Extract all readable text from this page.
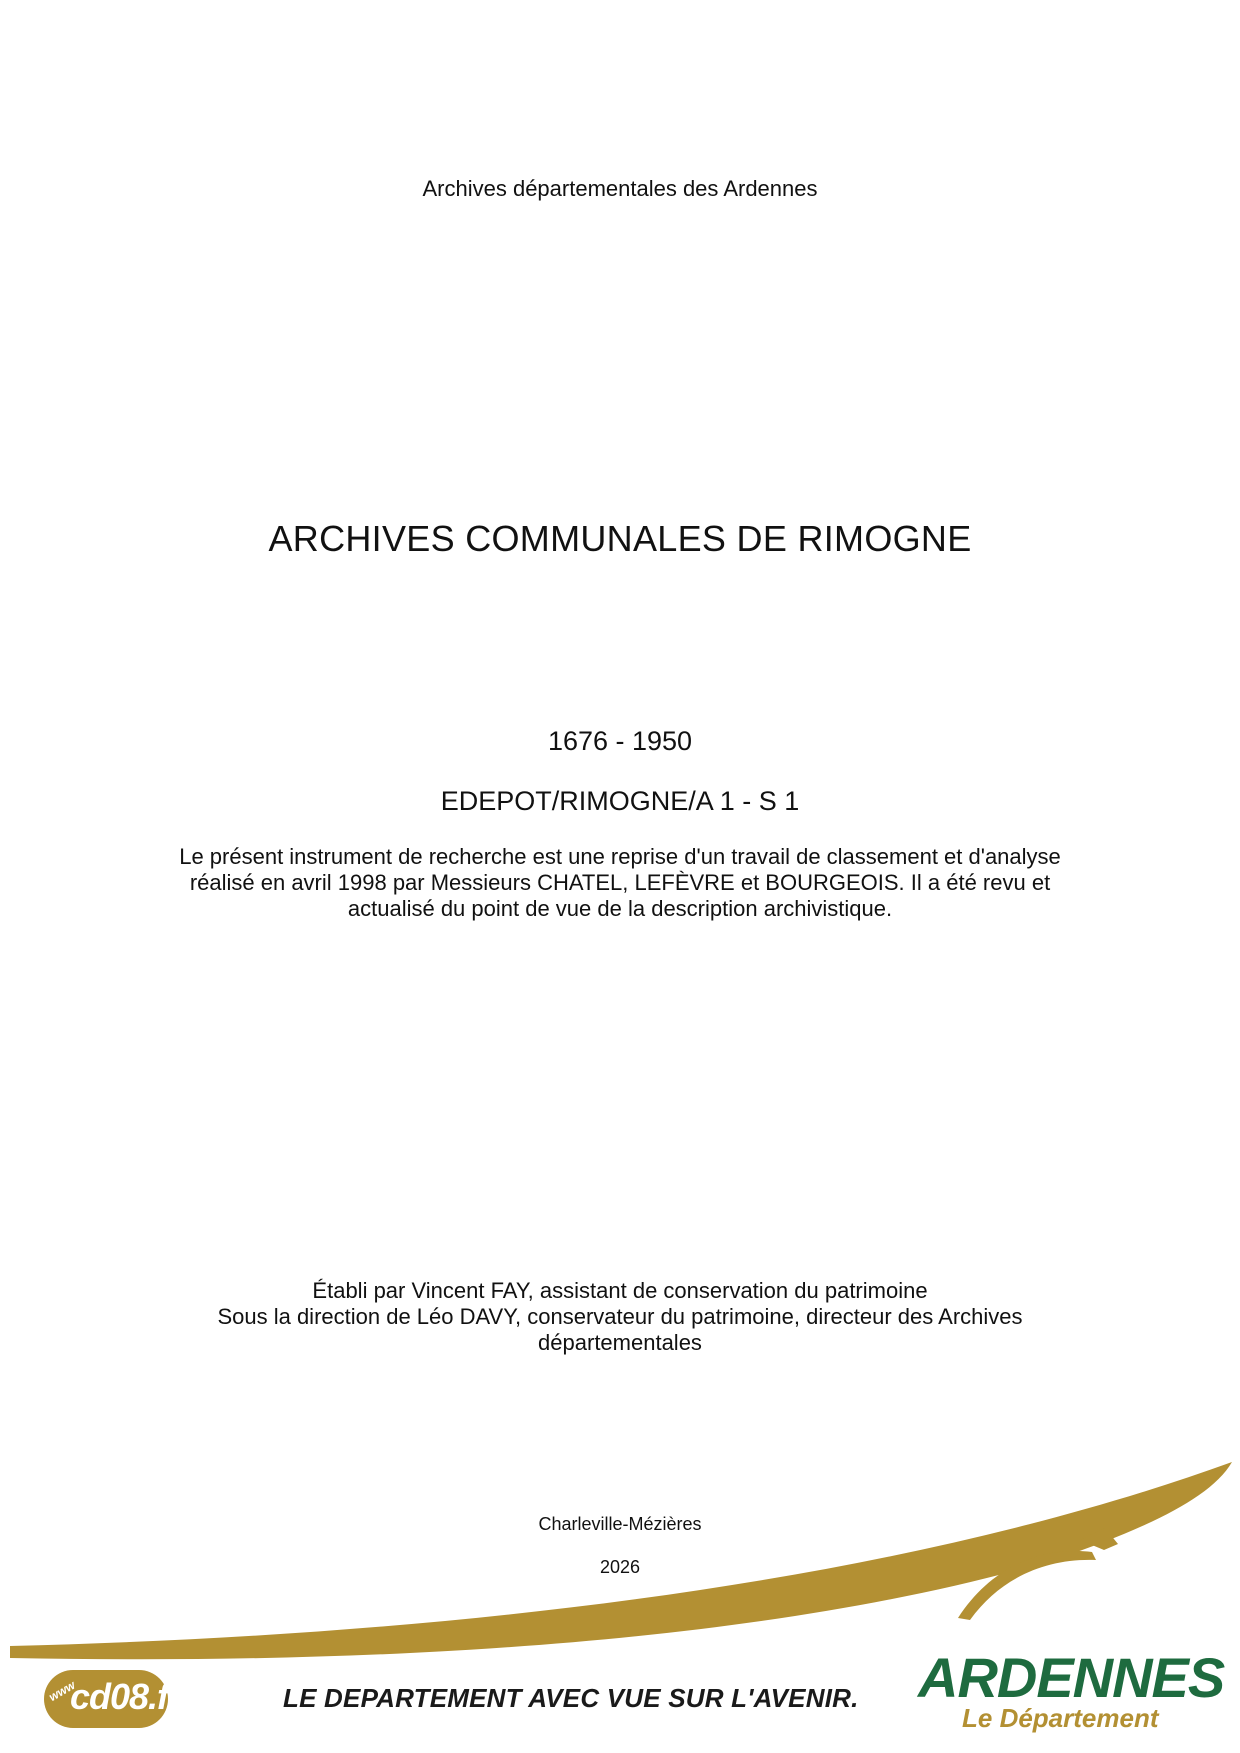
Archives départementales des Ardennes
ARCHIVES COMMUNALES DE RIMOGNE
1676 - 1950
EDEPOT/RIMOGNE/A 1 - S 1
Le présent instrument de recherche est une reprise d'un travail de classement et d'analyse réalisé en avril 1998 par Messieurs CHATEL, LEFÈVRE et BOURGEOIS. Il a été revu et actualisé du point de vue de la description archivistique.
Établi par Vincent FAY, assistant de conservation du patrimoine
Sous la direction de Léo DAVY, conservateur du patrimoine, directeur des Archives départementales
Charleville-Mézières
2026
www
cd08.fr	LE DEPARTEMENT AVEC VUE SUR L'AVENIR. ARDENNES
Le Département
